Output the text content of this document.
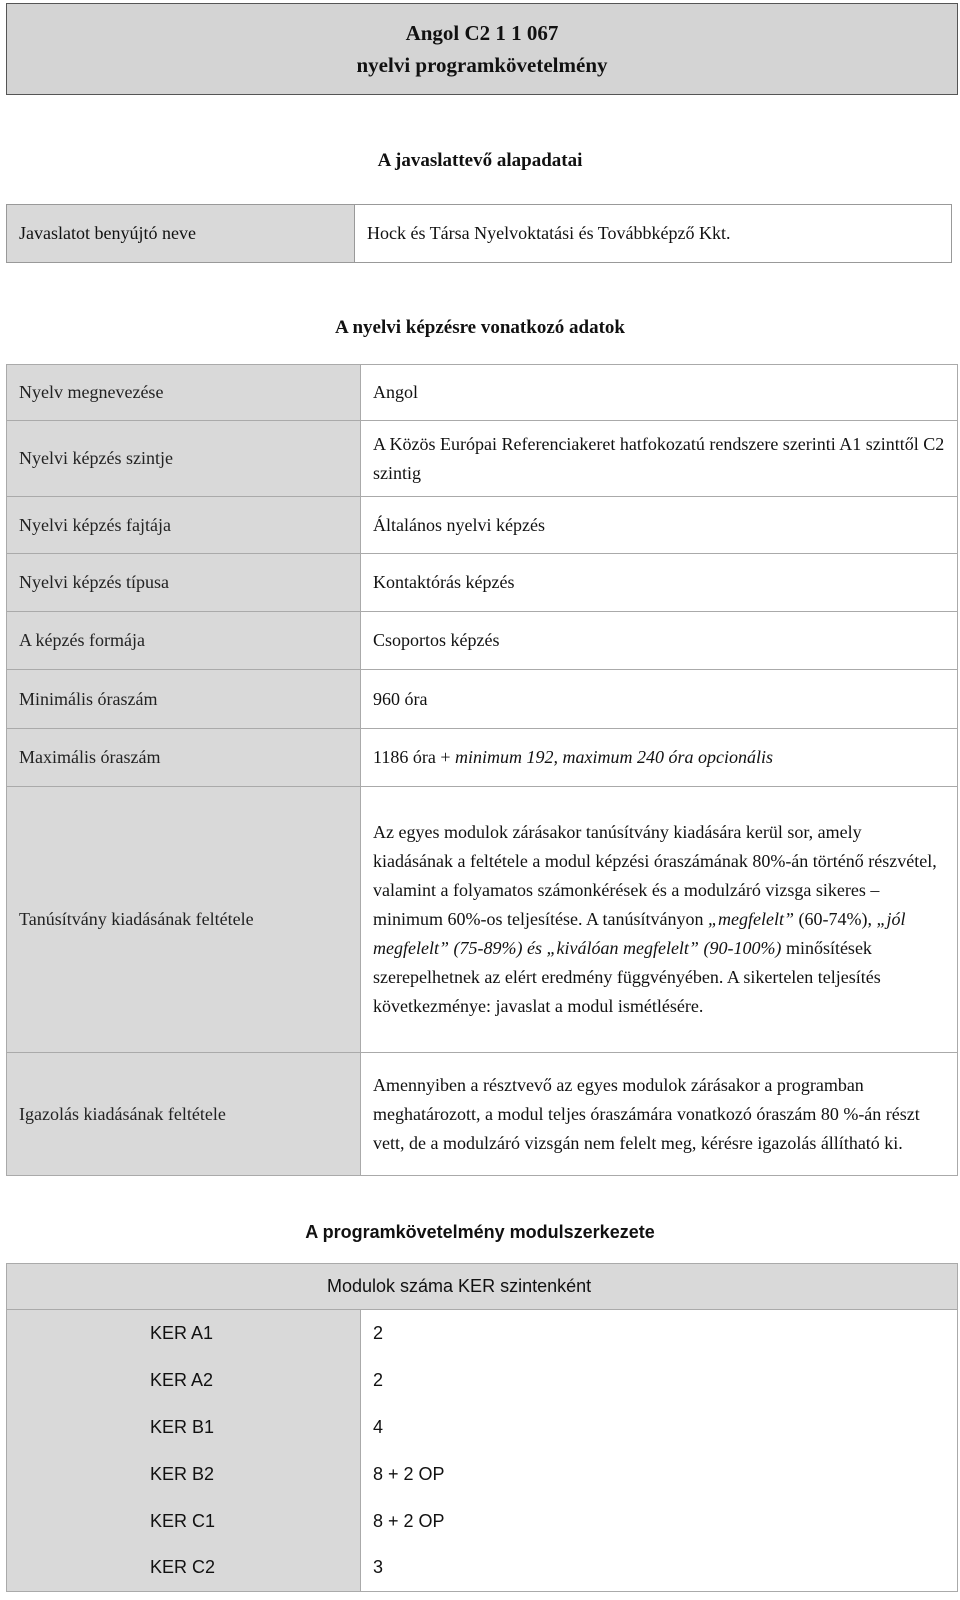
Angol C2 1 1 067
nyelvi programkövetelmény
A javaslattevő alapadatai
Javaslatot benyújtó neve	Hock és Társa Nyelvoktatási és Továbbképző Kkt.
A nyelvi képzésre vonatkozó adatok
Nyelv megnevezése	Angol
Nyelvi képzés szintje	A Közös Európai Referenciakeret hatfokozatú rendszere szerinti A1 szinttől C2 szintig
Nyelvi képzés fajtája	Általános nyelvi képzés
Nyelvi képzés típusa	Kontaktórás képzés
A képzés formája	Csoportos képzés
Minimális óraszám	960 óra
Maximális óraszám	1186 óra + minimum 192, maximum 240 óra opcionális
Tanúsítvány kiadásának feltétele	Az egyes modulok zárásakor tanúsítvány kiadására kerül sor, amely kiadásának a feltétele a modul képzési óraszámának 80%-án történő részvétel, valamint a folyamatos számonkérések és a modulzáró vizsga sikeres – minimum 60%-os teljesítése. A tanúsítványon „megfelelt” (60-74%), „jól megfelelt” (75-89%) és „kiválóan megfelelt” (90-100%) minősítések szerepelhetnek az elért eredmény függvényében. A sikertelen teljesítés következménye: javaslat a modul ismétlésére.

Igazolás kiadásának feltétele	Amennyiben a résztvevő az egyes modulok zárásakor a programban meghatározott, a modul teljes óraszámára vonatkozó óraszám 80 %-án részt vett, de a modulzáró vizsgán nem felelt meg, kérésre igazolás állítható ki.
A programkövetelmény modulszerkezete
Modulok száma KER szintenként	
KER A1	2
KER A2	2
KER B1	4
KER B2	8 + 2 OP
KER C1	8 + 2 OP
KER C2	3
